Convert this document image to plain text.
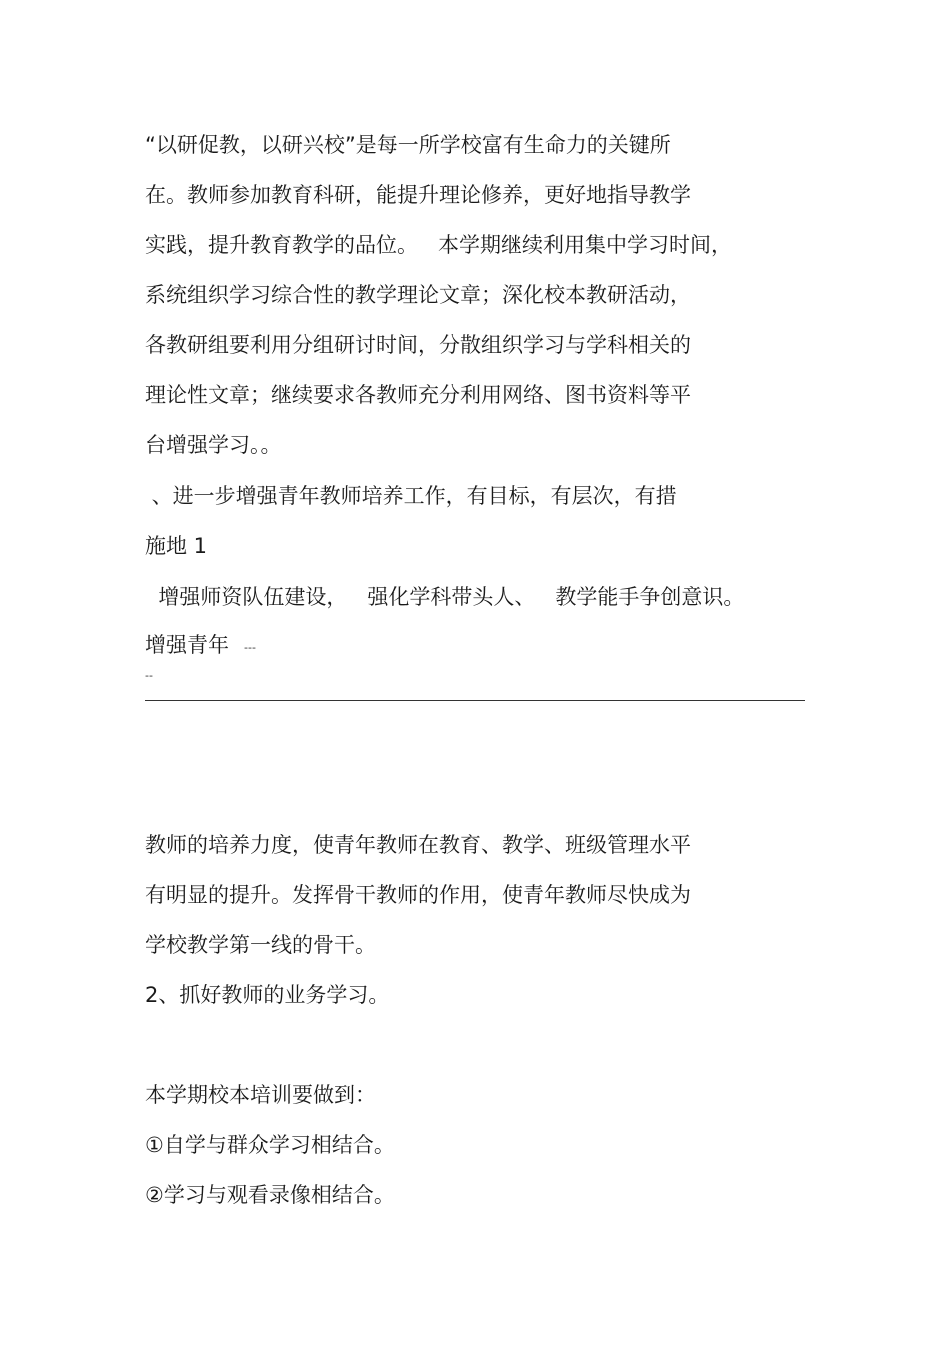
“以研促教，以研兴校”是每一所学校富有生命力的关键所
在。教师参加教育科研，能提升理论修养，更好地指导教学
实践，提升教育教学的品位。   本学期继续利用集中学习时间，
系统组织学习综合性的教学理论文章；深化校本教研活动，
各教研组要利用分组研讨时间，分散组织学习与学科相关的
理论性文章；继续要求各教师充分利用网络、图书资料等平
台增强学习。。
、进一步增强青年教师培养工作，有目标，有层次，有措
施地 1
增强师资队伍建设，   强化学科带头人、   教学能手争创意识。
增强青年 ---
--
教师的培养力度，使青年教师在教育、教学、班级管理水平
有明显的提升。发挥骨干教师的作用，使青年教师尽快成为
学校教学第一线的骨干。
2、抓好教师的业务学习。
本学期校本培训要做到：
①自学与群众学习相结合。
②学习与观看录像相结合。
